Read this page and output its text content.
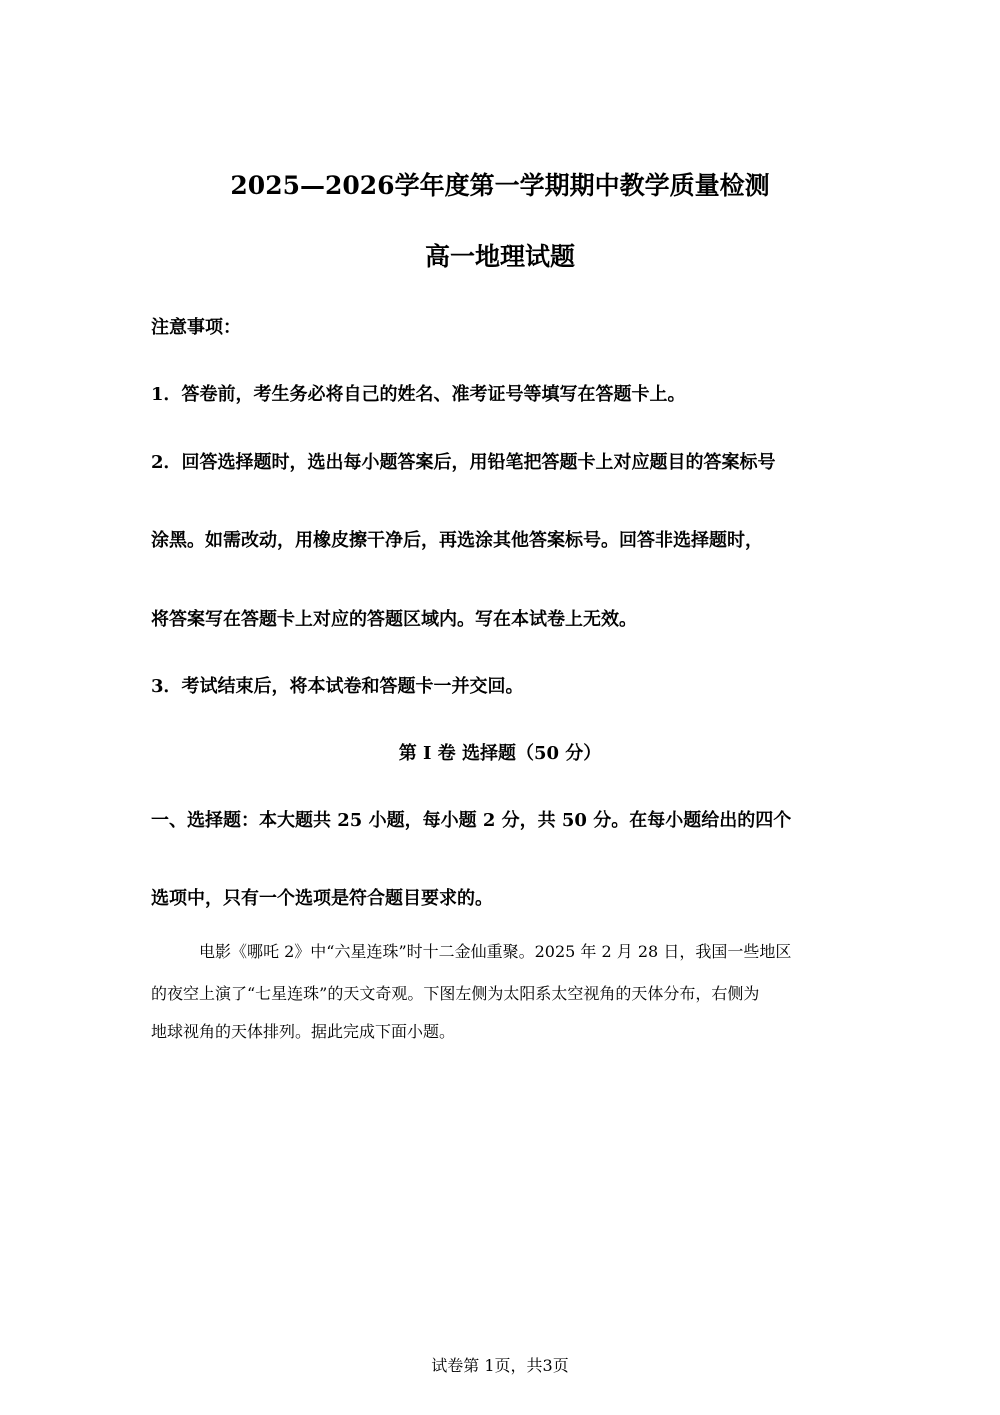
2025—2026学年度第一学期期中教学质量检测
高一地理试题
注意事项：
1．答卷前，考生务必将自己的姓名、准考证号等填写在答题卡上。
2．回答选择题时，选出每小题答案后，用铅笔把答题卡上对应题目的答案标号
涂黑。如需改动，用橡皮擦干净后，再选涂其他答案标号。回答非选择题时，
将答案写在答题卡上对应的答题区域内。写在本试卷上无效。
3．考试结束后，将本试卷和答题卡一并交回。
第 I 卷 选择题（50 分）
一、选择题：本大题共 25 小题，每小题 2 分，共 50 分。在每小题给出的四个
选项中，只有一个选项是符合题目要求的。
电影《哪吒 2》中“六星连珠”时十二金仙重聚。2025 年 2 月 28 日，我国一些地区
的夜空上演了“七星连珠”的天文奇观。下图左侧为太阳系太空视角的天体分布，右侧为
地球视角的天体排列。据此完成下面小题。
试卷第 1页，共3页
